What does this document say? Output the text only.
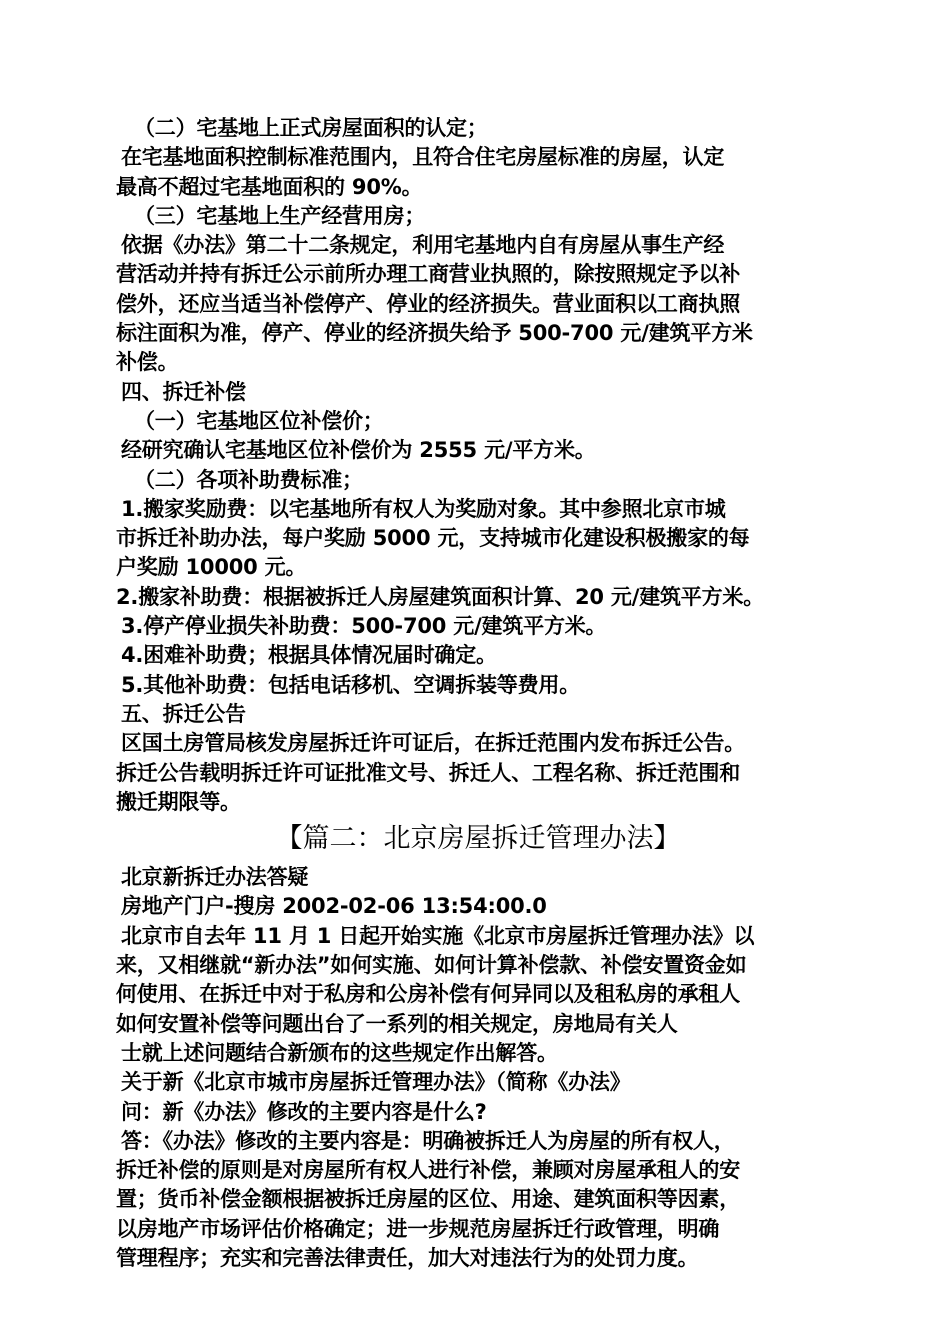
（二）宅基地上正式房屋面积的认定；
在宅基地面积控制标准范围内，且符合住宅房屋标准的房屋，认定
最高不超过宅基地面积的 90%。
（三）宅基地上生产经营用房；
依据《办法》第二十二条规定，利用宅基地内自有房屋从事生产经
营活动并持有拆迁公示前所办理工商营业执照的，除按照规定予以补
偿外，还应当适当补偿停产、停业的经济损失。营业面积以工商执照
标注面积为准，停产、停业的经济损失给予 500-700 元/建筑平方米
补偿。
四、拆迁补偿
（一）宅基地区位补偿价；
经研究确认宅基地区位补偿价为 2555 元/平方米。
（二）各项补助费标准；
1.搬家奖励费：以宅基地所有权人为奖励对象。其中参照北京市城
市拆迁补助办法，每户奖励 5000 元，支持城市化建设积极搬家的每
户奖励 10000 元。
2.搬家补助费：根据被拆迁人房屋建筑面积计算、20 元/建筑平方米。
3.停产停业损失补助费：500-700 元/建筑平方米。
4.困难补助费；根据具体情况届时确定。
5.其他补助费：包括电话移机、空调拆装等费用。
五、拆迁公告
区国土房管局核发房屋拆迁许可证后，在拆迁范围内发布拆迁公告。
拆迁公告载明拆迁许可证批准文号、拆迁人、工程名称、拆迁范围和
搬迁期限等。
【篇二：北京房屋拆迁管理办法】
北京新拆迁办法答疑
房地产门户-搜房 2002-02-06 13:54:00.0
北京市自去年 11 月 1 日起开始实施《北京市房屋拆迁管理办法》以
来，又相继就“新办法”如何实施、如何计算补偿款、补偿安置资金如
何使用、在拆迁中对于私房和公房补偿有何异同以及租私房的承租人
如何安置补偿等问题出台了一系列的相关规定，房地局有关人
士就上述问题结合新颁布的这些规定作出解答。
关于新《北京市城市房屋拆迁管理办法》（简称《办法》
问：新《办法》修改的主要内容是什么?
答：《办法》修改的主要内容是：明确被拆迁人为房屋的所有权人，
拆迁补偿的原则是对房屋所有权人进行补偿，兼顾对房屋承租人的安
置；货币补偿金额根据被拆迁房屋的区位、用途、建筑面积等因素，
以房地产市场评估价格确定；进一步规范房屋拆迁行政管理，明确
管理程序；充实和完善法律责任，加大对违法行为的处罚力度。
